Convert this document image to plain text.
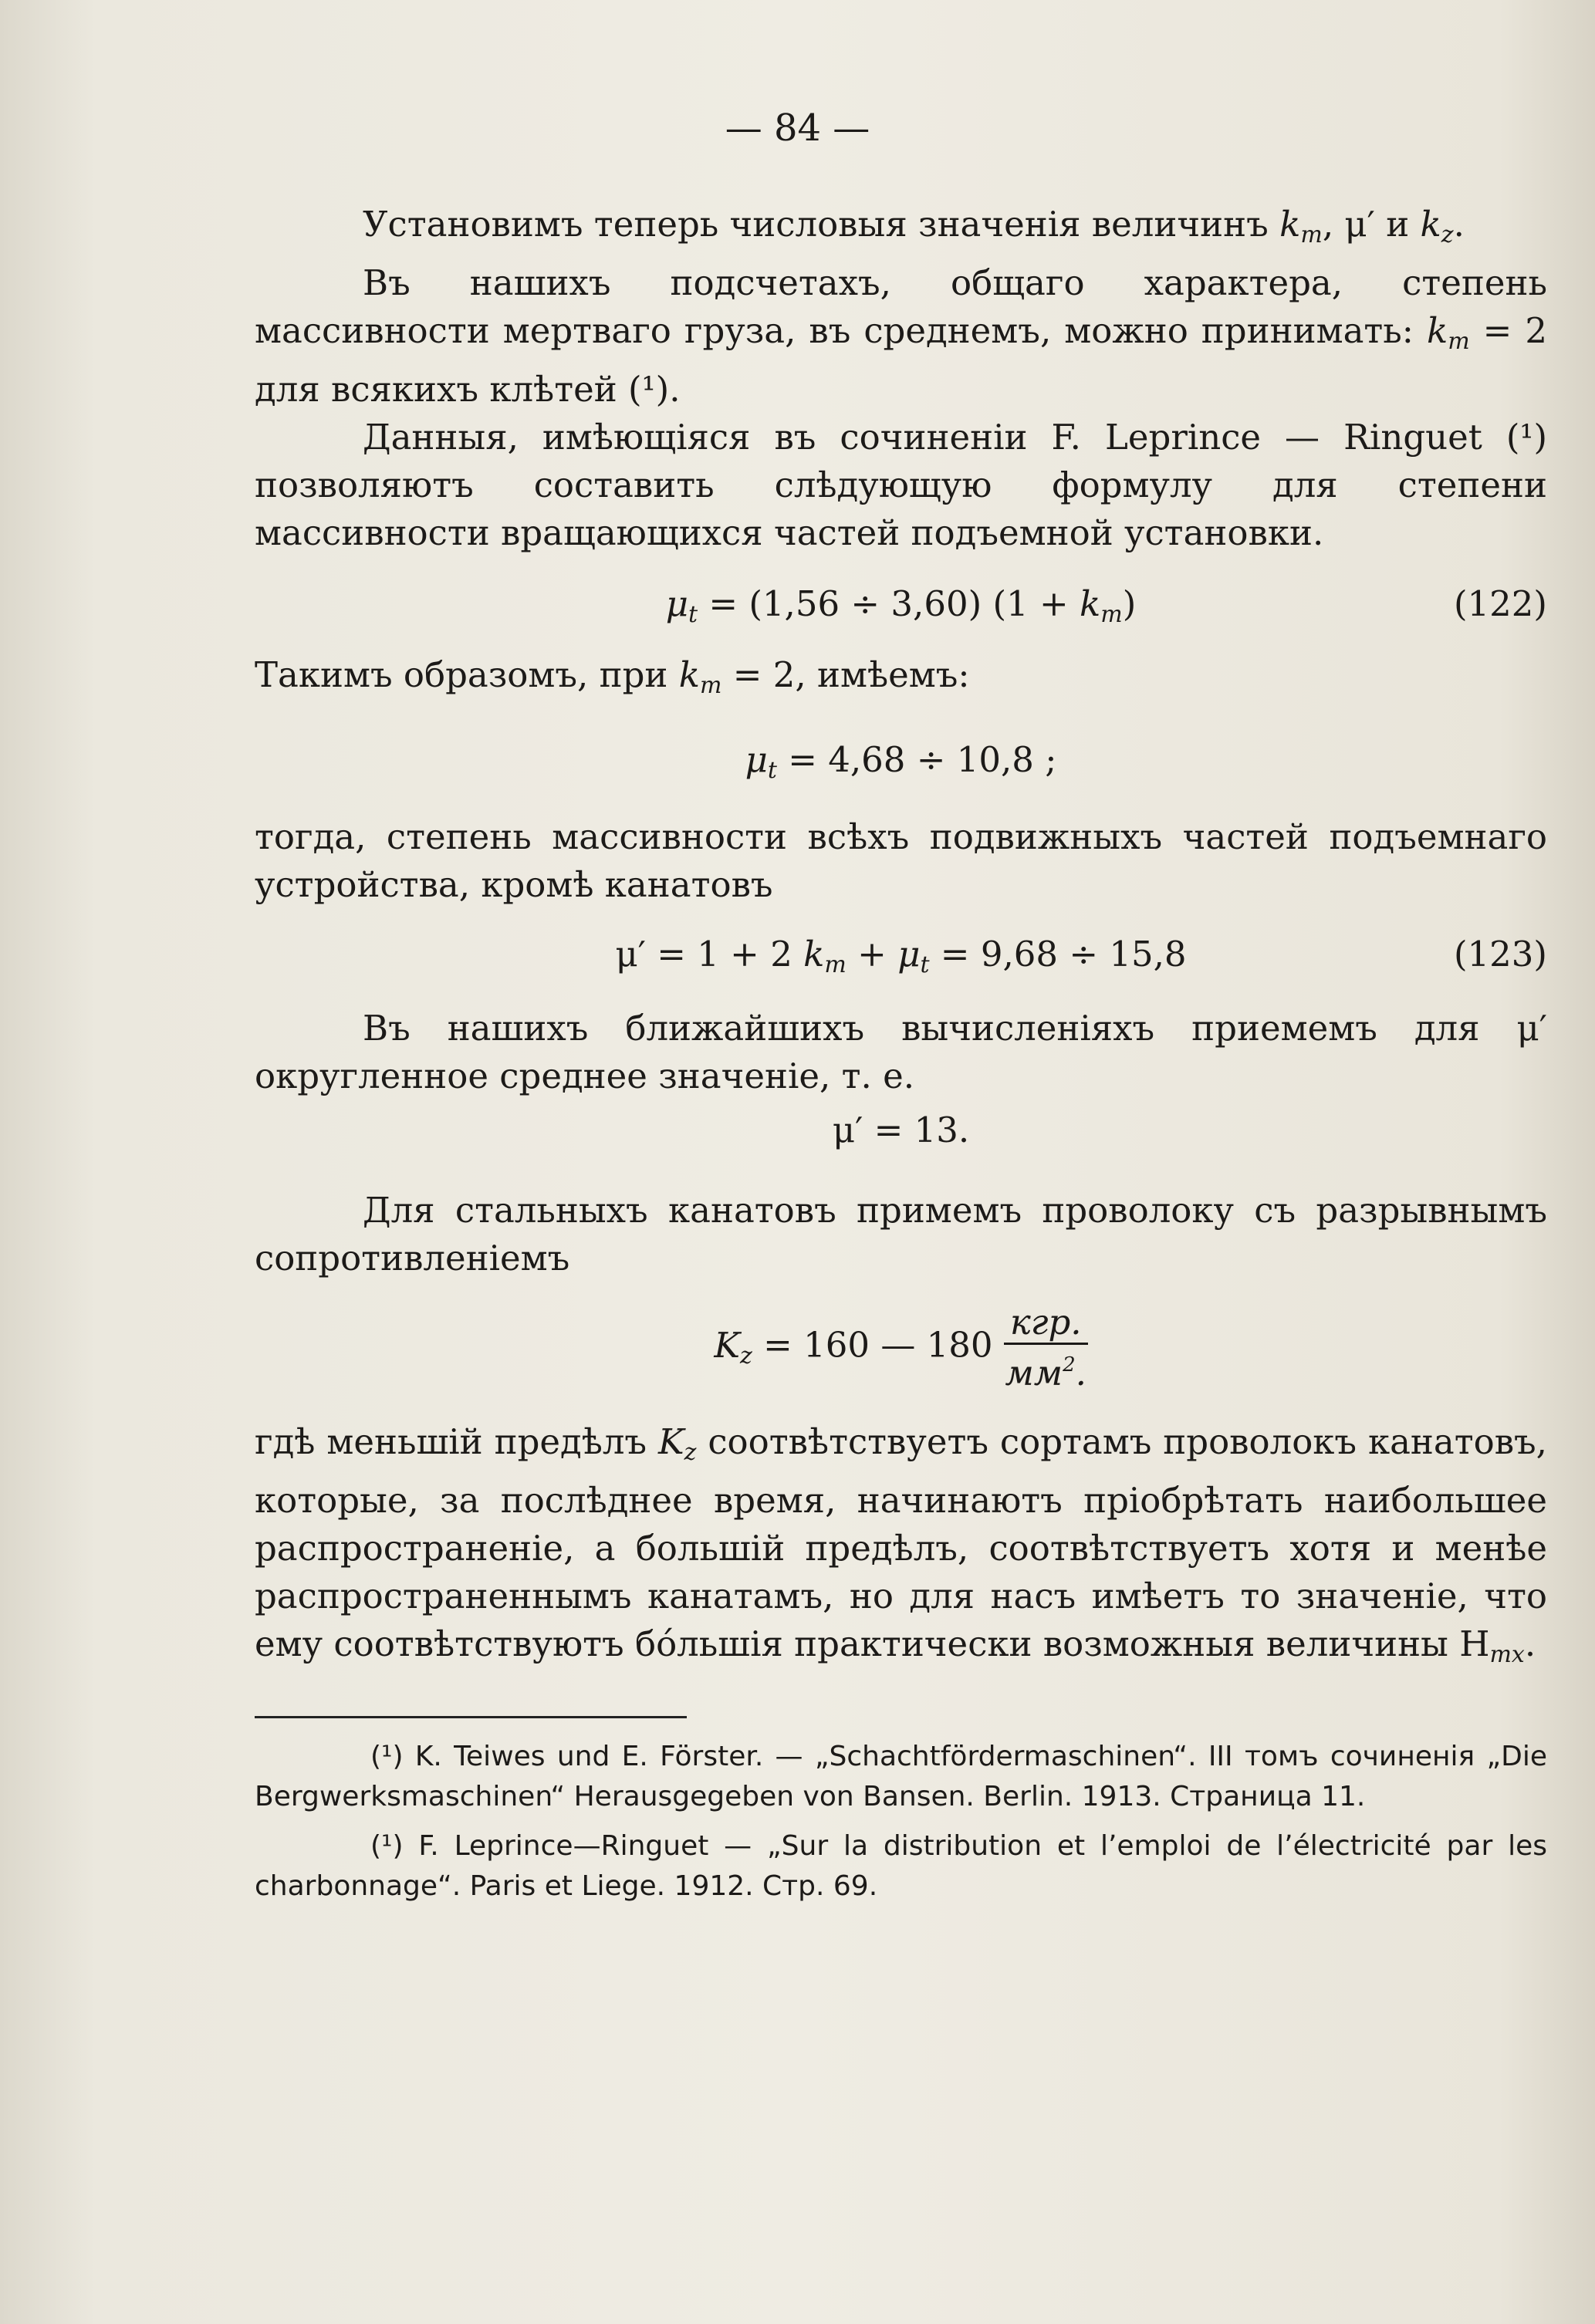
— 84 —

Установимъ теперь числовыя значенія величинъ $k_m$, μ′ и $k_z$.

Въ нашихъ подсчетахъ, общаго характера, степень массивности мертваго груза, въ среднемъ, можно принимать: $k_m = 2$ для всякихъ клѣтей (¹).

Данныя, имѣющіяся въ сочиненіи F. Leprince — Ringuet (¹) позволяютъ составить слѣдующую формулу для степени массивности вращающихся частей подъемной установки.

$\mu_t = (1,56 \div 3,60) (1 + k_m)$	(122)

Такимъ образомъ, при $k_m = 2$, имѣемъ:

$\mu_t = 4,68 \div 10,8$ ;

тогда, степень массивности всѣхъ подвижныхъ частей подъемнаго устройства, кромѣ канатовъ

μ′ = 1 + 2 $k_m + \mu_t = 9,68 \div 15,8$	(123)

Въ нашихъ ближайшихъ вычисленіяхъ приемемъ для μ′ округленное среднее значеніе, т. е.

μ′ = 13.

Для стальныхъ канатовъ примемъ проволоку съ разрывнымъ сопротивленіемъ

$K_z = 160$ — $180 \frac{\text{кгр.}}{мм^2.}$

гдѣ меньшій предѣлъ $K_z$ соотвѣтствуетъ сортамъ проволокъ канатовъ, которые, за послѣднее время, начинаютъ пріобрѣтать наибольшее распространеніе, а большій предѣлъ, соотвѣтствуетъ хотя и менѣе распространеннымъ канатамъ, но для насъ имѣетъ то значеніе, что ему соотвѣтствуютъ бóльшія практически возможныя величины $H_{mx}$.

(¹) K. Teiwes und E. Förster. — „Schachtfördermaschinen“. III томъ сочиненія „Die Bergwerksmaschinen“ Herausgegeben von Bansen. Berlin. 1913. Страница 11.

(¹) F. Leprince—Ringuet — „Sur la distribution et l’emploi de l’électricité par les charbonnage“. Paris et Liege. 1912. Стр. 69.
